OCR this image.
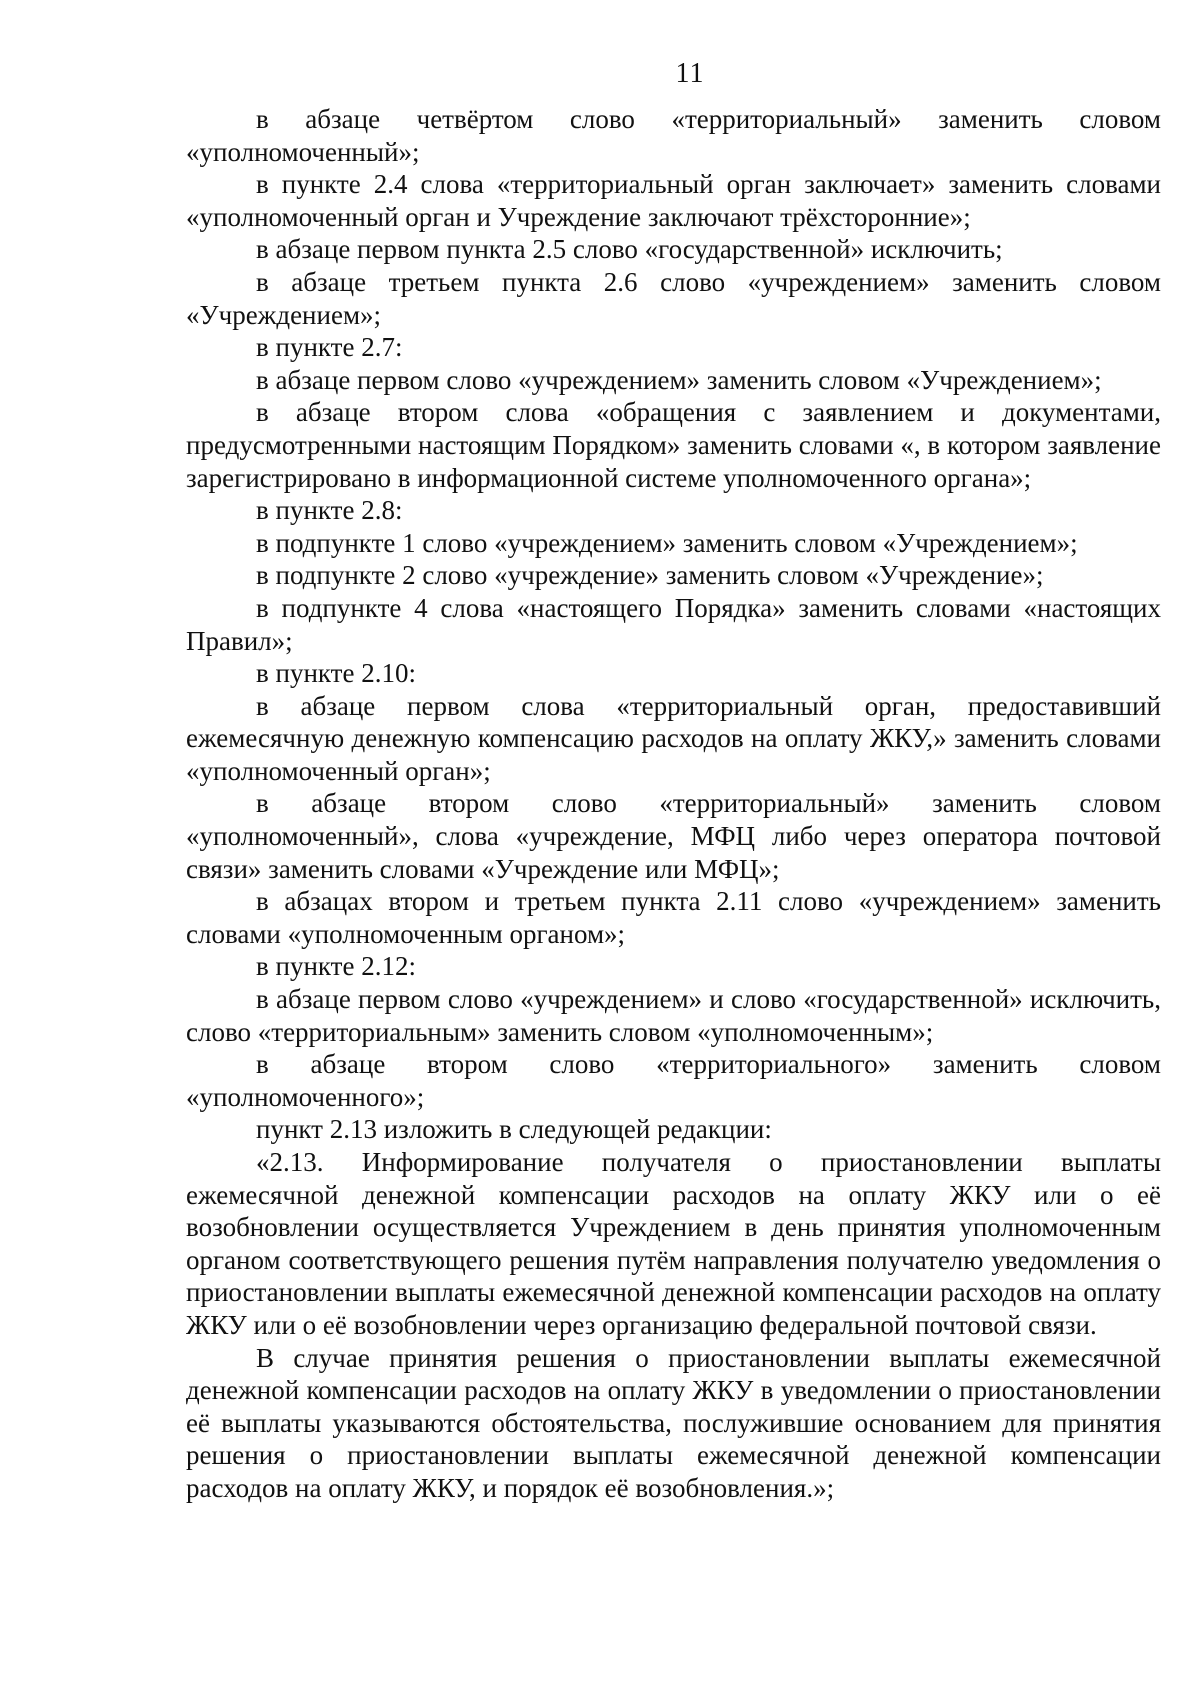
11

в абзаце четвёртом слово «территориальный» заменить словом «уполномоченный»;

в пункте 2.4 слова «территориальный орган заключает» заменить словами «уполномоченный орган и Учреждение заключают трёхсторонние»;

в абзаце первом пункта 2.5 слово «государственной» исключить;

в абзаце третьем пункта 2.6 слово «учреждением» заменить словом «Учреждением»;

в пункте 2.7:

в абзаце первом слово «учреждением» заменить словом «Учреждением»;

в абзаце втором слова «обращения с заявлением и документами, предусмотренными настоящим Порядком» заменить словами «, в котором заявление зарегистрировано в информационной системе уполномоченного органа»;

в пункте 2.8:

в подпункте 1 слово «учреждением» заменить словом «Учреждением»;

в подпункте 2 слово «учреждение» заменить словом «Учреждение»;

в подпункте 4 слова «настоящего Порядка» заменить словами «настоящих Правил»;

в пункте 2.10:

в абзаце первом слова «территориальный орган, предоставивший ежемесячную денежную компенсацию расходов на оплату ЖКУ,» заменить словами «уполномоченный орган»;

в абзаце втором слово «территориальный» заменить словом «уполномоченный», слова «учреждение, МФЦ либо через оператора почтовой связи» заменить словами «Учреждение или МФЦ»;

в абзацах втором и третьем пункта 2.11 слово «учреждением» заменить словами «уполномоченным органом»;

в пункте 2.12:

в абзаце первом слово «учреждением» и слово «государственной» исключить, слово «территориальным» заменить словом «уполномоченным»;

в абзаце втором слово «территориального» заменить словом «уполномоченного»;

пункт 2.13 изложить в следующей редакции:

«2.13. Информирование получателя о приостановлении выплаты ежемесячной денежной компенсации расходов на оплату ЖКУ или о её возобновлении осуществляется Учреждением в день принятия уполномоченным органом соответствующего решения путём направления получателю уведомления о приостановлении выплаты ежемесячной денежной компенсации расходов на оплату ЖКУ или о её возобновлении через организацию федеральной почтовой связи.

В случае принятия решения о приостановлении выплаты ежемесячной денежной компенсации расходов на оплату ЖКУ в уведомлении о приостановлении её выплаты указываются обстоятельства, послужившие основанием для принятия решения о приостановлении выплаты ежемесячной денежной компенсации расходов на оплату ЖКУ, и порядок её возобновления.»;
